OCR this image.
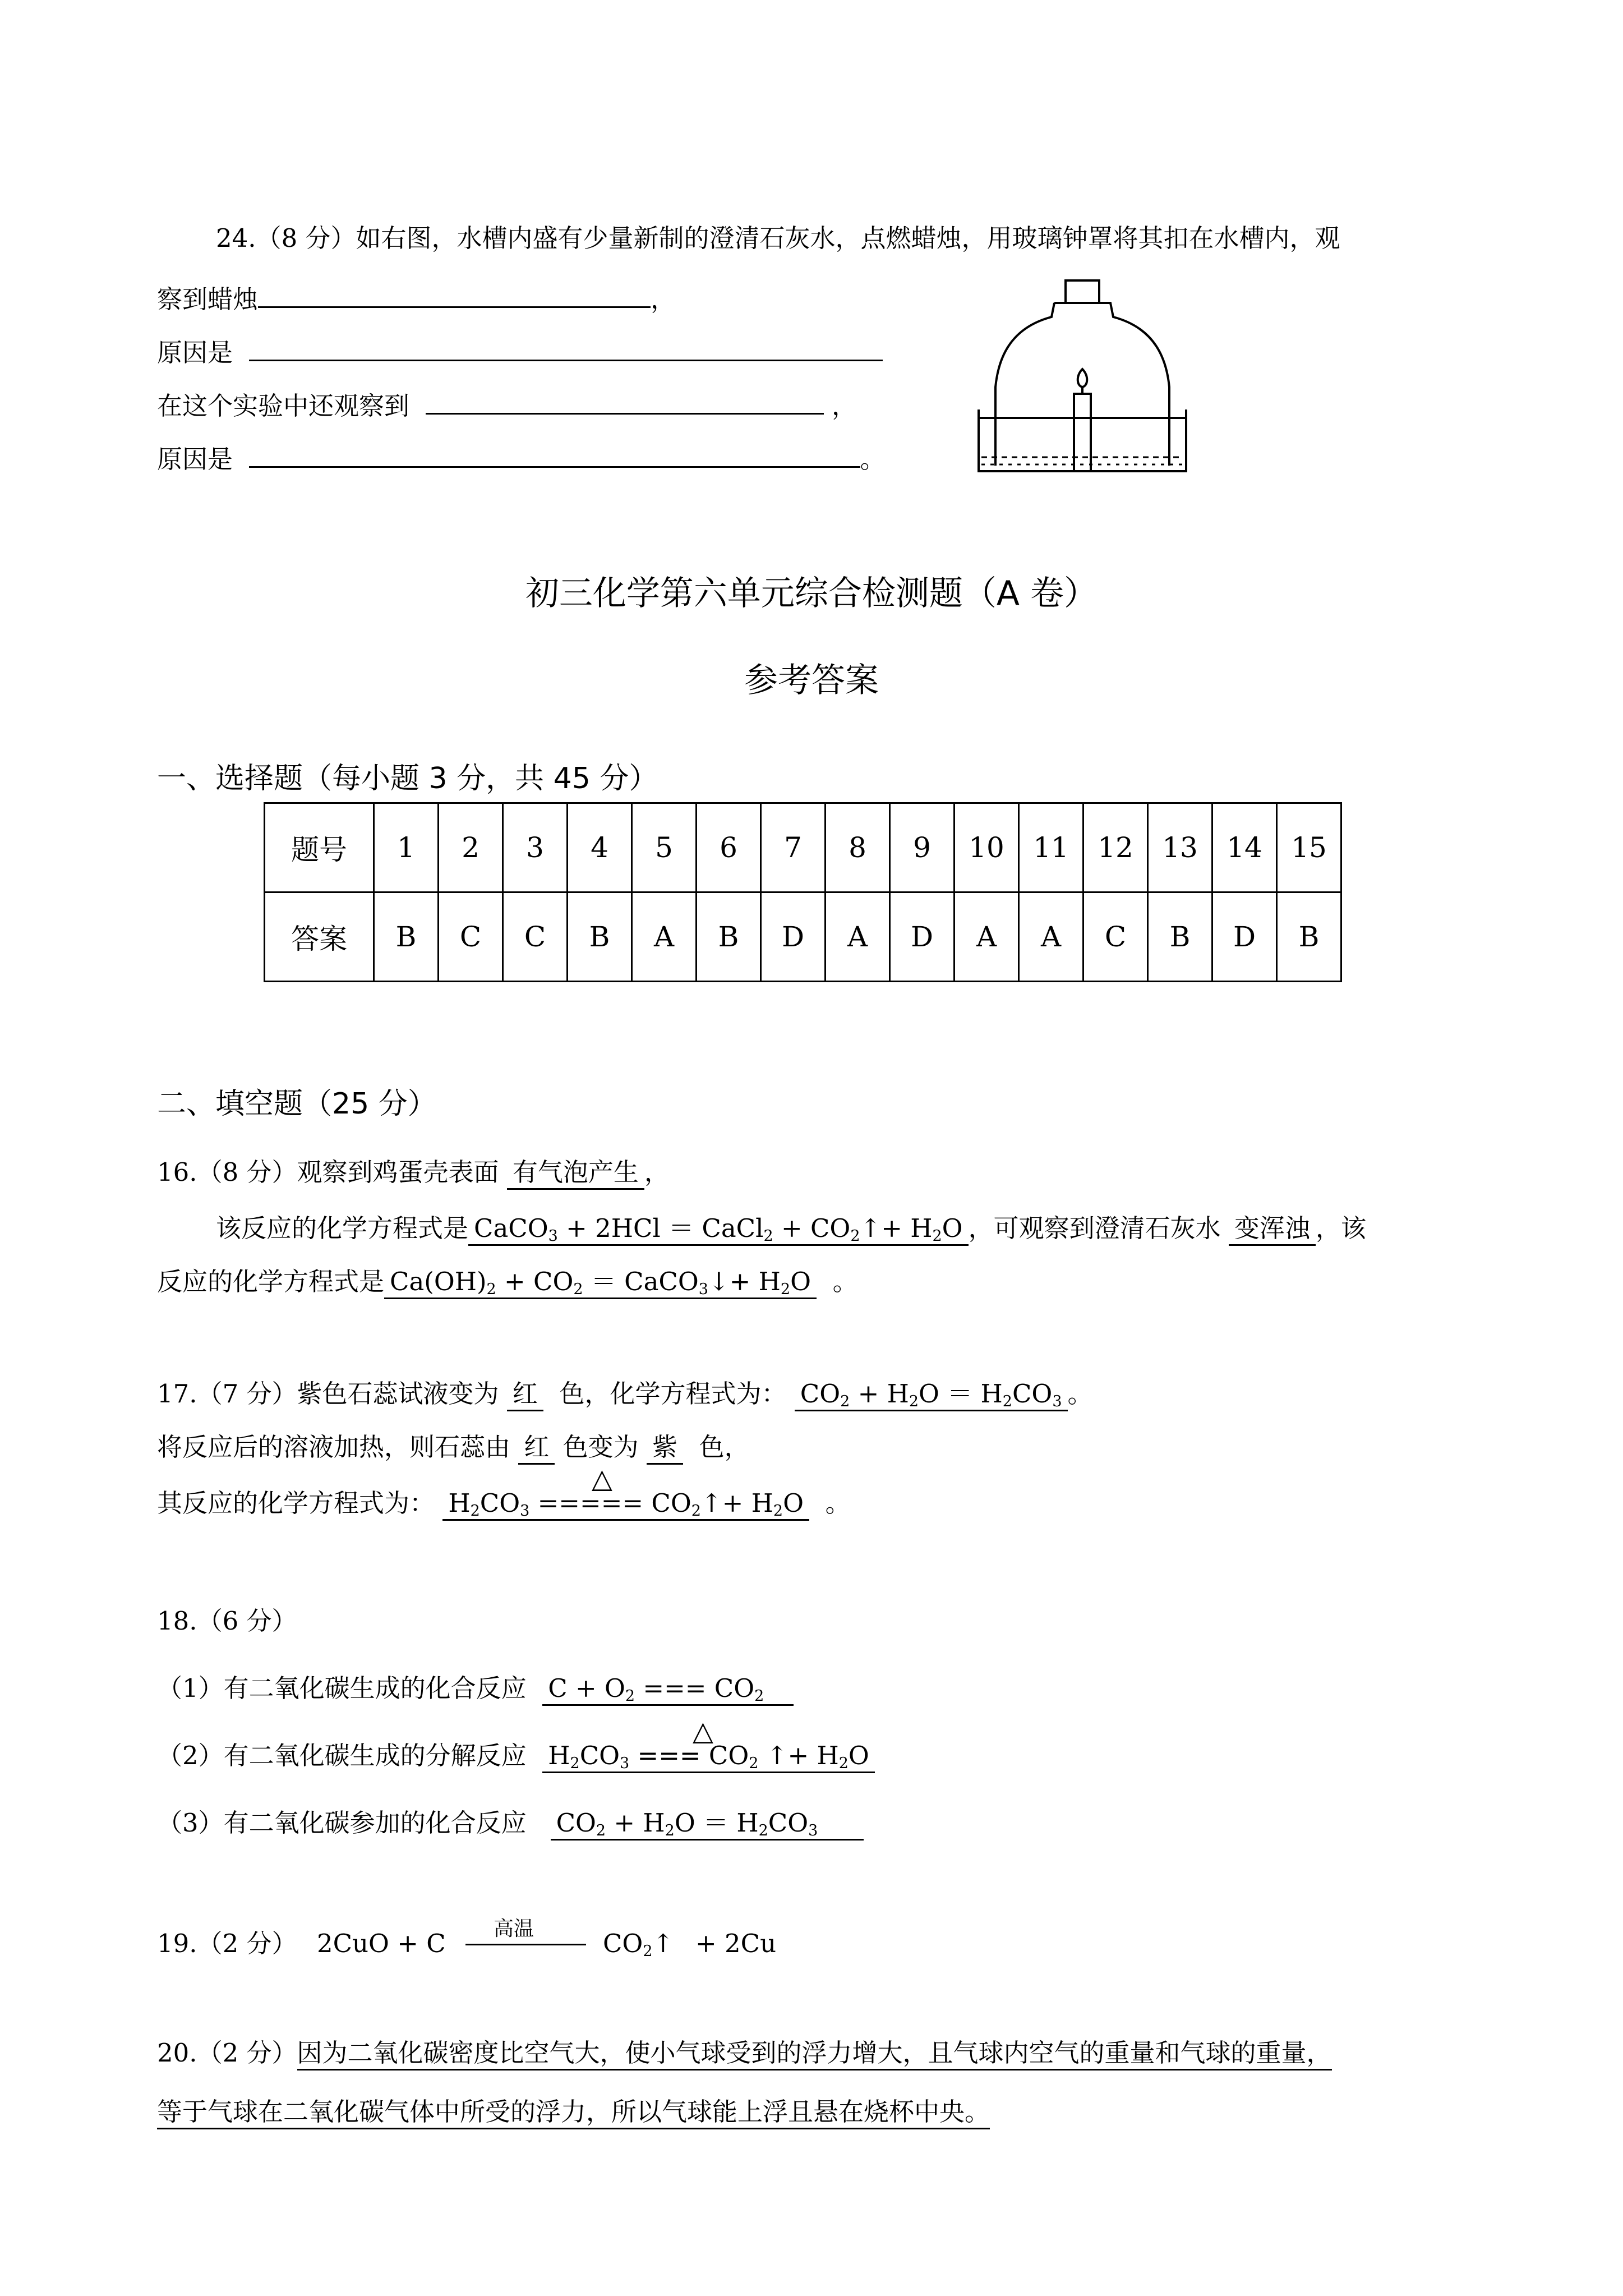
24.（8 分）如右图，水槽内盛有少量新制的澄清石灰水，点燃蜡烛，用玻璃钟罩将其扣在水槽内，观
察到蜡烛	，
原因是
在这个实验中还观察到	，
原因是	。
初三化学第六单元综合检测题（A 卷）
参考答案
一、选择题（每小题 3 分，共 45 分）
题号	1	2	3	4	5	6	7	8	9	10	11	12	13	14	15
答案	B	C	C	B	A	B	D	A	D	A	A	C	B	D	B
二、填空题（25 分）
16.（8 分）观察到鸡蛋壳表面 有气泡产生 ，
该反应的化学方程式是 CaCO$_3$ + 2HCl ＝ CaCl$_2$ + $CO_2↑+ H_2O$ ，可观察到澄清石灰水 变浑浊 ，该
反应的化学方程式是 $Ca(OH)_2 + CO_2$ ＝ CaCO$_3$↓+ $H_2O$ 。
17.（7 分）紫色石蕊试液变为 红 色，化学方程式为： $CO_2 + H_2O = H_2CO_3$ 。
将反应后的溶液加热，则石蕊由 红 色变为 紫 色，
△
其反应的化学方程式为： $H_2CO_3$ ===== $CO_2↑+ H_2O$ 。
18.（6 分）
（1）有二氧化碳生成的化合反应 $C + O_2$ === $CO_2$
△
（2）有二氧化碳生成的分解反应 $H_2CO_3$ === $CO_2$ ↑+ $H_2O$
（3）有二氧化碳参加的化合反应 $CO_2 + H_2O = H_2CO_3$
19.（2 分） 2CuO + C 高温	$CO_2↑ + 2Cu$
20.（2 分）因为二氧化碳密度比空气大，使小气球受到的浮力增大，且气球内空气的重量和气球的重量，
等于气球在二氧化碳气体中所受的浮力，所以气球能上浮且悬在烧杯中央。
